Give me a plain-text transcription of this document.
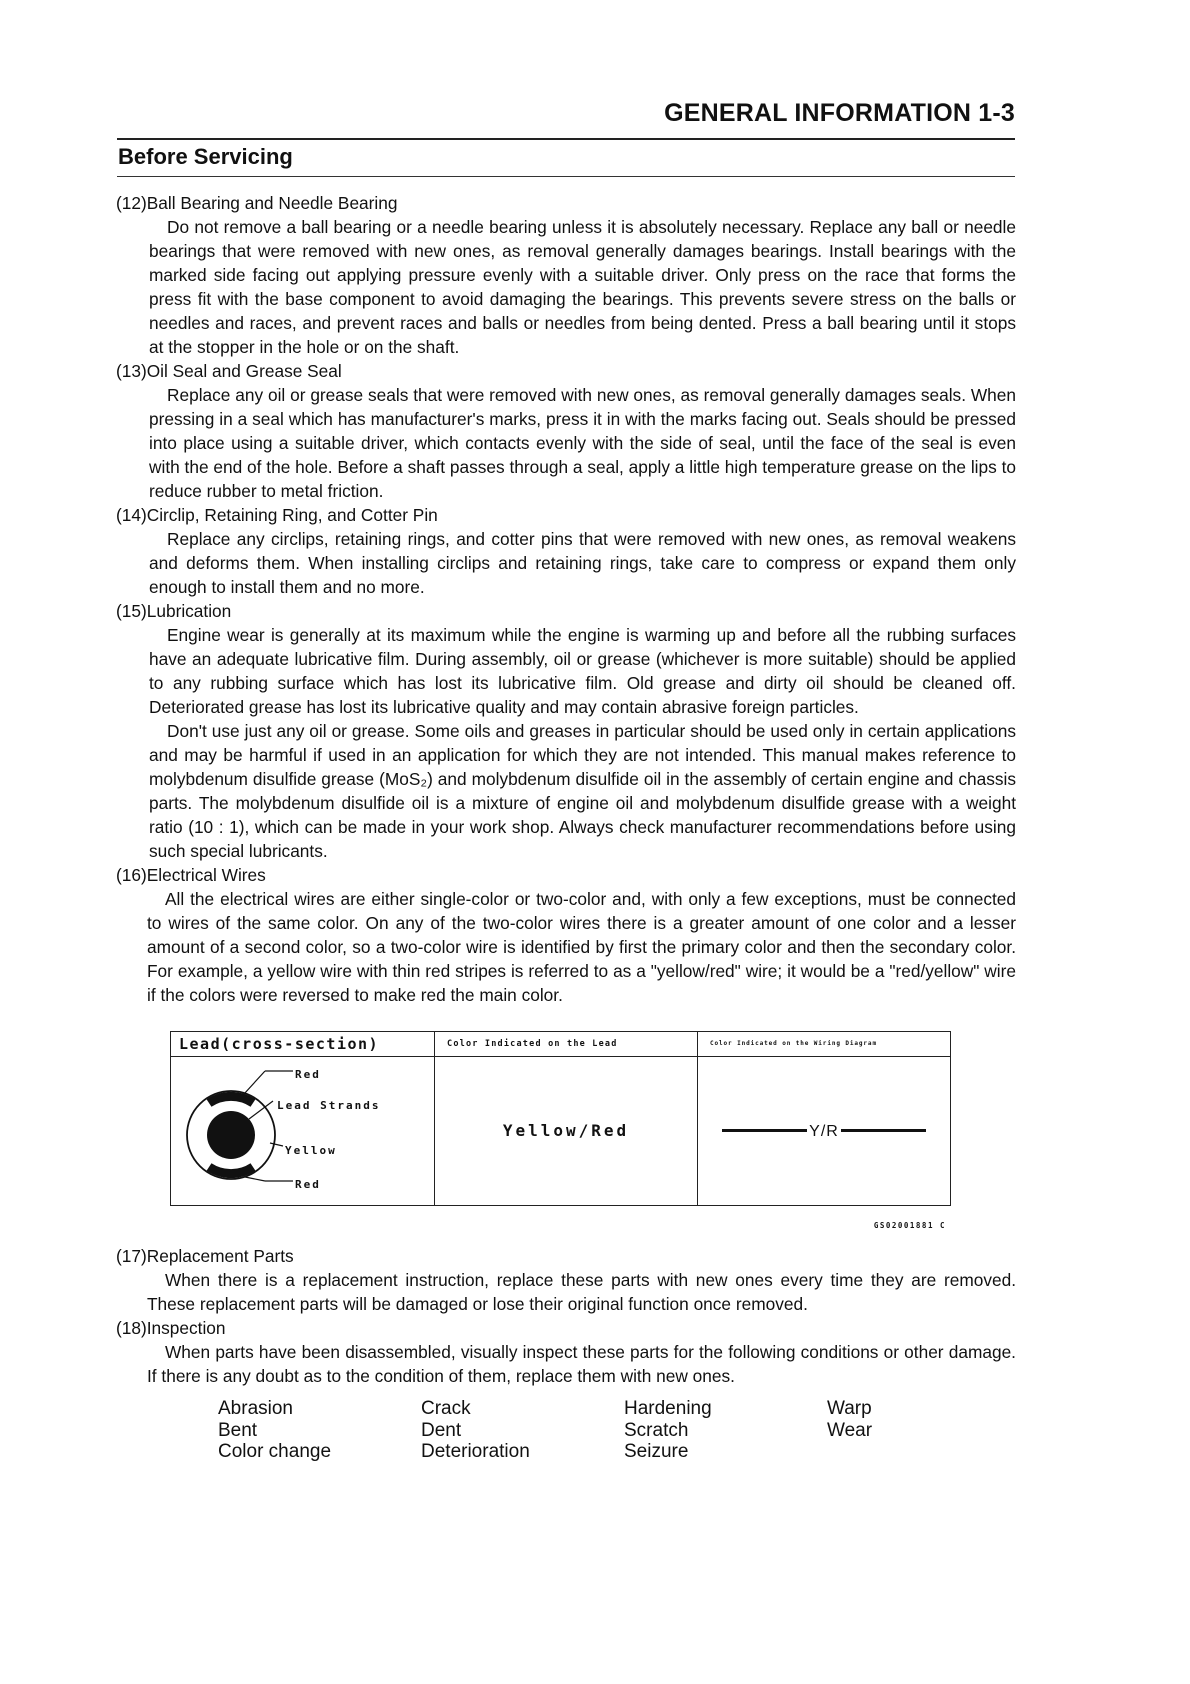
GENERAL INFORMATION 1-3
Before Servicing

(12)Ball Bearing and Needle Bearing

Do not remove a ball bearing or a needle bearing unless it is absolutely necessary. Replace any ball or needle bearings that were removed with new ones, as removal generally damages bearings. Install bearings with the marked side facing out applying pressure evenly with a suitable driver. Only press on the race that forms the press fit with the base component to avoid damaging the bearings. This prevents severe stress on the balls or needles and races, and prevent races and balls or needles from being dented. Press a ball bearing until it stops at the stopper in the hole or on the shaft.

(13)Oil Seal and Grease Seal

Replace any oil or grease seals that were removed with new ones, as removal generally damages seals. When pressing in a seal which has manufacturer's marks, press it in with the marks facing out. Seals should be pressed into place using a suitable driver, which contacts evenly with the side of seal, until the face of the seal is even with the end of the hole. Before a shaft passes through a seal, apply a little high temperature grease on the lips to reduce rubber to metal friction.

(14)Circlip, Retaining Ring, and Cotter Pin

Replace any circlips, retaining rings, and cotter pins that were removed with new ones, as removal weakens and deforms them. When installing circlips and retaining rings, take care to compress or expand them only enough to install them and no more.

(15)Lubrication

Engine wear is generally at its maximum while the engine is warming up and before all the rubbing surfaces have an adequate lubricative film. During assembly, oil or grease (whichever is more suitable) should be applied to any rubbing surface which has lost its lubricative film. Old grease and dirty oil should be cleaned off. Deteriorated grease has lost its lubricative quality and may contain abrasive foreign particles.

Don't use just any oil or grease. Some oils and greases in particular should be used only in certain applications and may be harmful if used in an application for which they are not intended. This manual makes reference to molybdenum disulfide grease (MoS₂) and molybdenum disulfide oil in the assembly of certain engine and chassis parts. The molybdenum disulfide oil is a mixture of engine oil and molybdenum disulfide grease with a weight ratio (10 : 1), which can be made in your work shop. Always check manufacturer recommendations before using such special lubricants.

(16)Electrical Wires

All the electrical wires are either single-color or two-color and, with only a few exceptions, must be connected to wires of the same color. On any of the two-color wires there is a greater amount of one color and a lesser amount of a second color, so a two-color wire is identified by first the primary color and then the secondary color. For example, a yellow wire with thin red stripes is referred to as a "yellow/red" wire; it would be a "red/yellow" wire if the colors were reversed to make red the main color.

Lead(cross-section)	Color Indicated on the Lead	Color Indicated on the Wiring Diagram

Red
Lead Strands
Yellow
Red	Yellow/Red	Y/R
GS02001881 C

(17)Replacement Parts

When there is a replacement instruction, replace these parts with new ones every time they are removed. These replacement parts will be damaged or lose their original function once removed.

(18)Inspection

When parts have been disassembled, visually inspect these parts for the following conditions or other damage. If there is any doubt as to the condition of them, replace them with new ones.

Abrasion	Crack	Hardening	Warp
Bent	Dent	Scratch	Wear
Color change	Deterioration	Seizure
